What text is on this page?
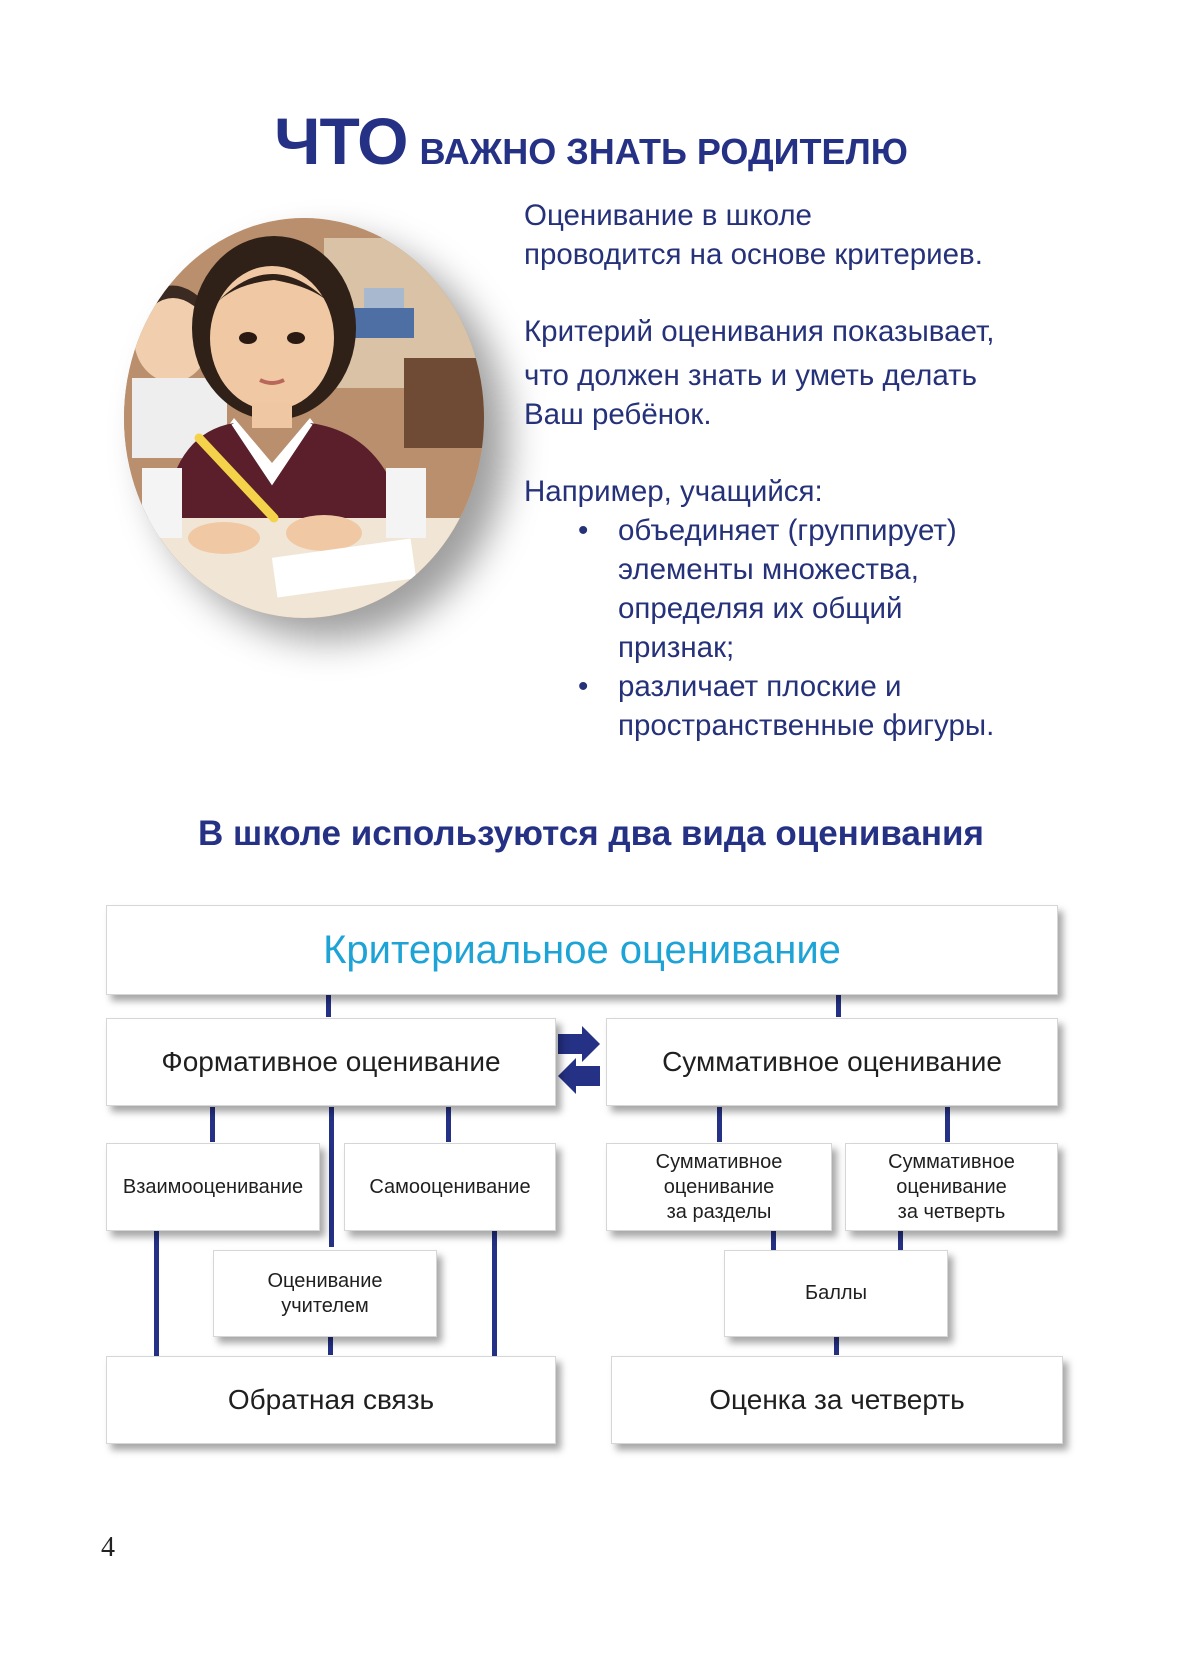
ЧТО ВАЖНО ЗНАТЬ РОДИТЕЛЮ

Оценивание в школе

проводится на основе критериев.

Критерий оценивания показывает,

что должен знать и уметь делать

Ваш ребёнок.

Например, учащийся:

• объединяет (группирует)
элементы множества,
определяя их общий
признак;
• различает плоские и
пространственные фигуры.
В школе используются два вида оценивания
Критериальное оценивание
Формативное оценивание	Суммативное оценивание
Взаимооценивание	Самооценивание
Суммативное
оценивание
за разделы
Суммативное
оценивание
за четверть
Оценивание
учителем
Баллы
Обратная связь	Оценка за четверть
4
